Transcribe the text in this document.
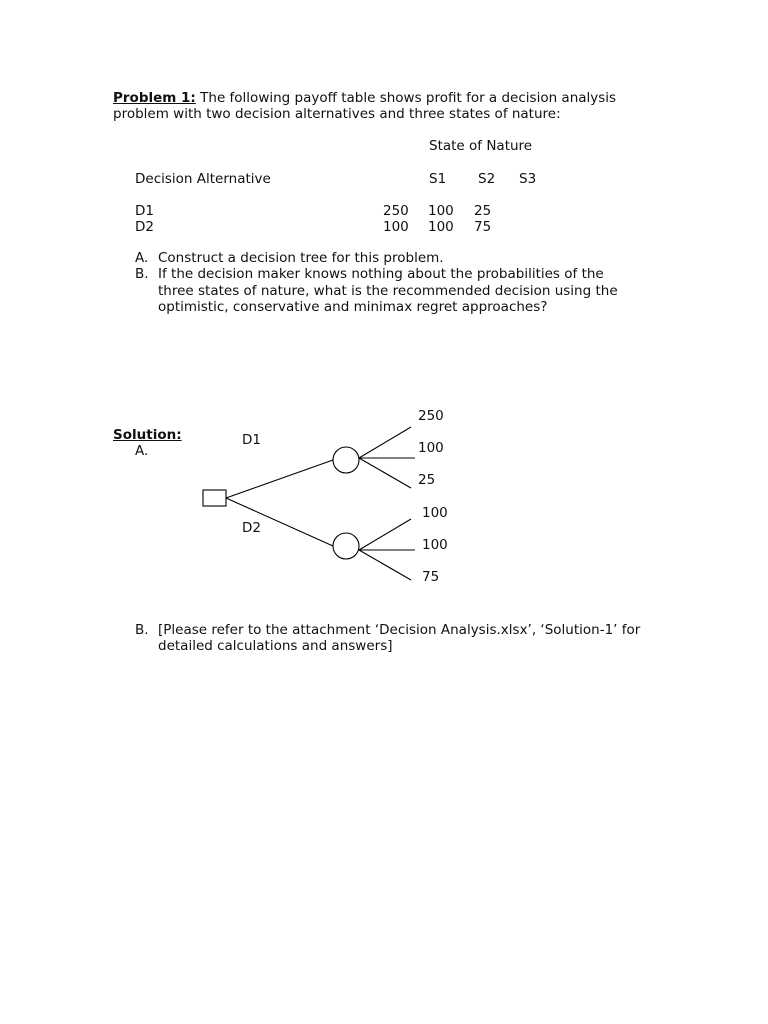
Problem 1: The following payoff table shows profit for a decision analysis
problem with two decision alternatives and three states of nature:
State of Nature
Decision Alternative	S1 S2 S3
D1	250 100 25
D2	100 100 75
A. Construct a decision tree for this problem.
B. If the decision maker knows nothing about the probabilities of the
three states of nature, what is the recommended decision using the
optimistic, conservative and minimax regret approaches?
Solution:
A.
D1
D2
250
100
25
100
100
75
B. [Please refer to the attachment ‘Decision Analysis.xlsx’, ‘Solution-1’ for
detailed calculations and answers]
